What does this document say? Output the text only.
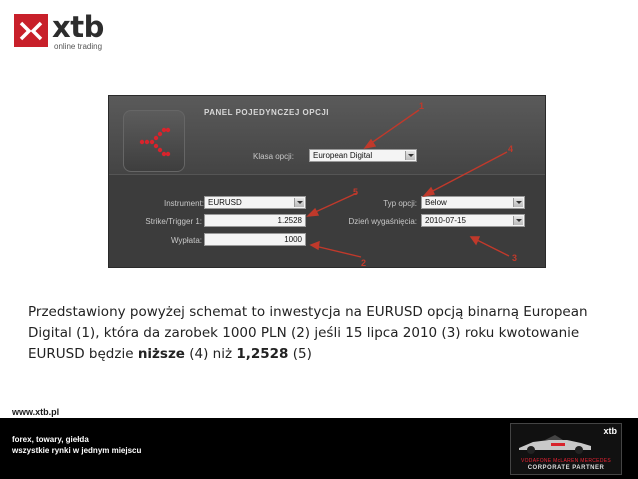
xtb
online trading
PANEL POJEDYNCZEJ OPCJI
Klasa opcji:	European Digital
Instrument: EURUSD
Strike/Trigger 1:	1.2528
Wypłata:	1000
Typ opcji:	Below
Dzień wygaśnięcia:	2010-07-15
1
2	3
4
5
Przedstawiony powyżej schemat to inwestycja na EURUSD opcją binarną European Digital (1), która da zarobek 1000 PLN (2) jeśli 15 lipca 2010 (3) roku kwotowanie EURUSD będzie niższe (4) niż 1,2528 (5)
www.xtb.pl
forex, towary, giełda
wszystkie rynki w jednym miejscu
xtb
VODAFONE McLAREN MERCEDES
CORPORATE PARTNER
